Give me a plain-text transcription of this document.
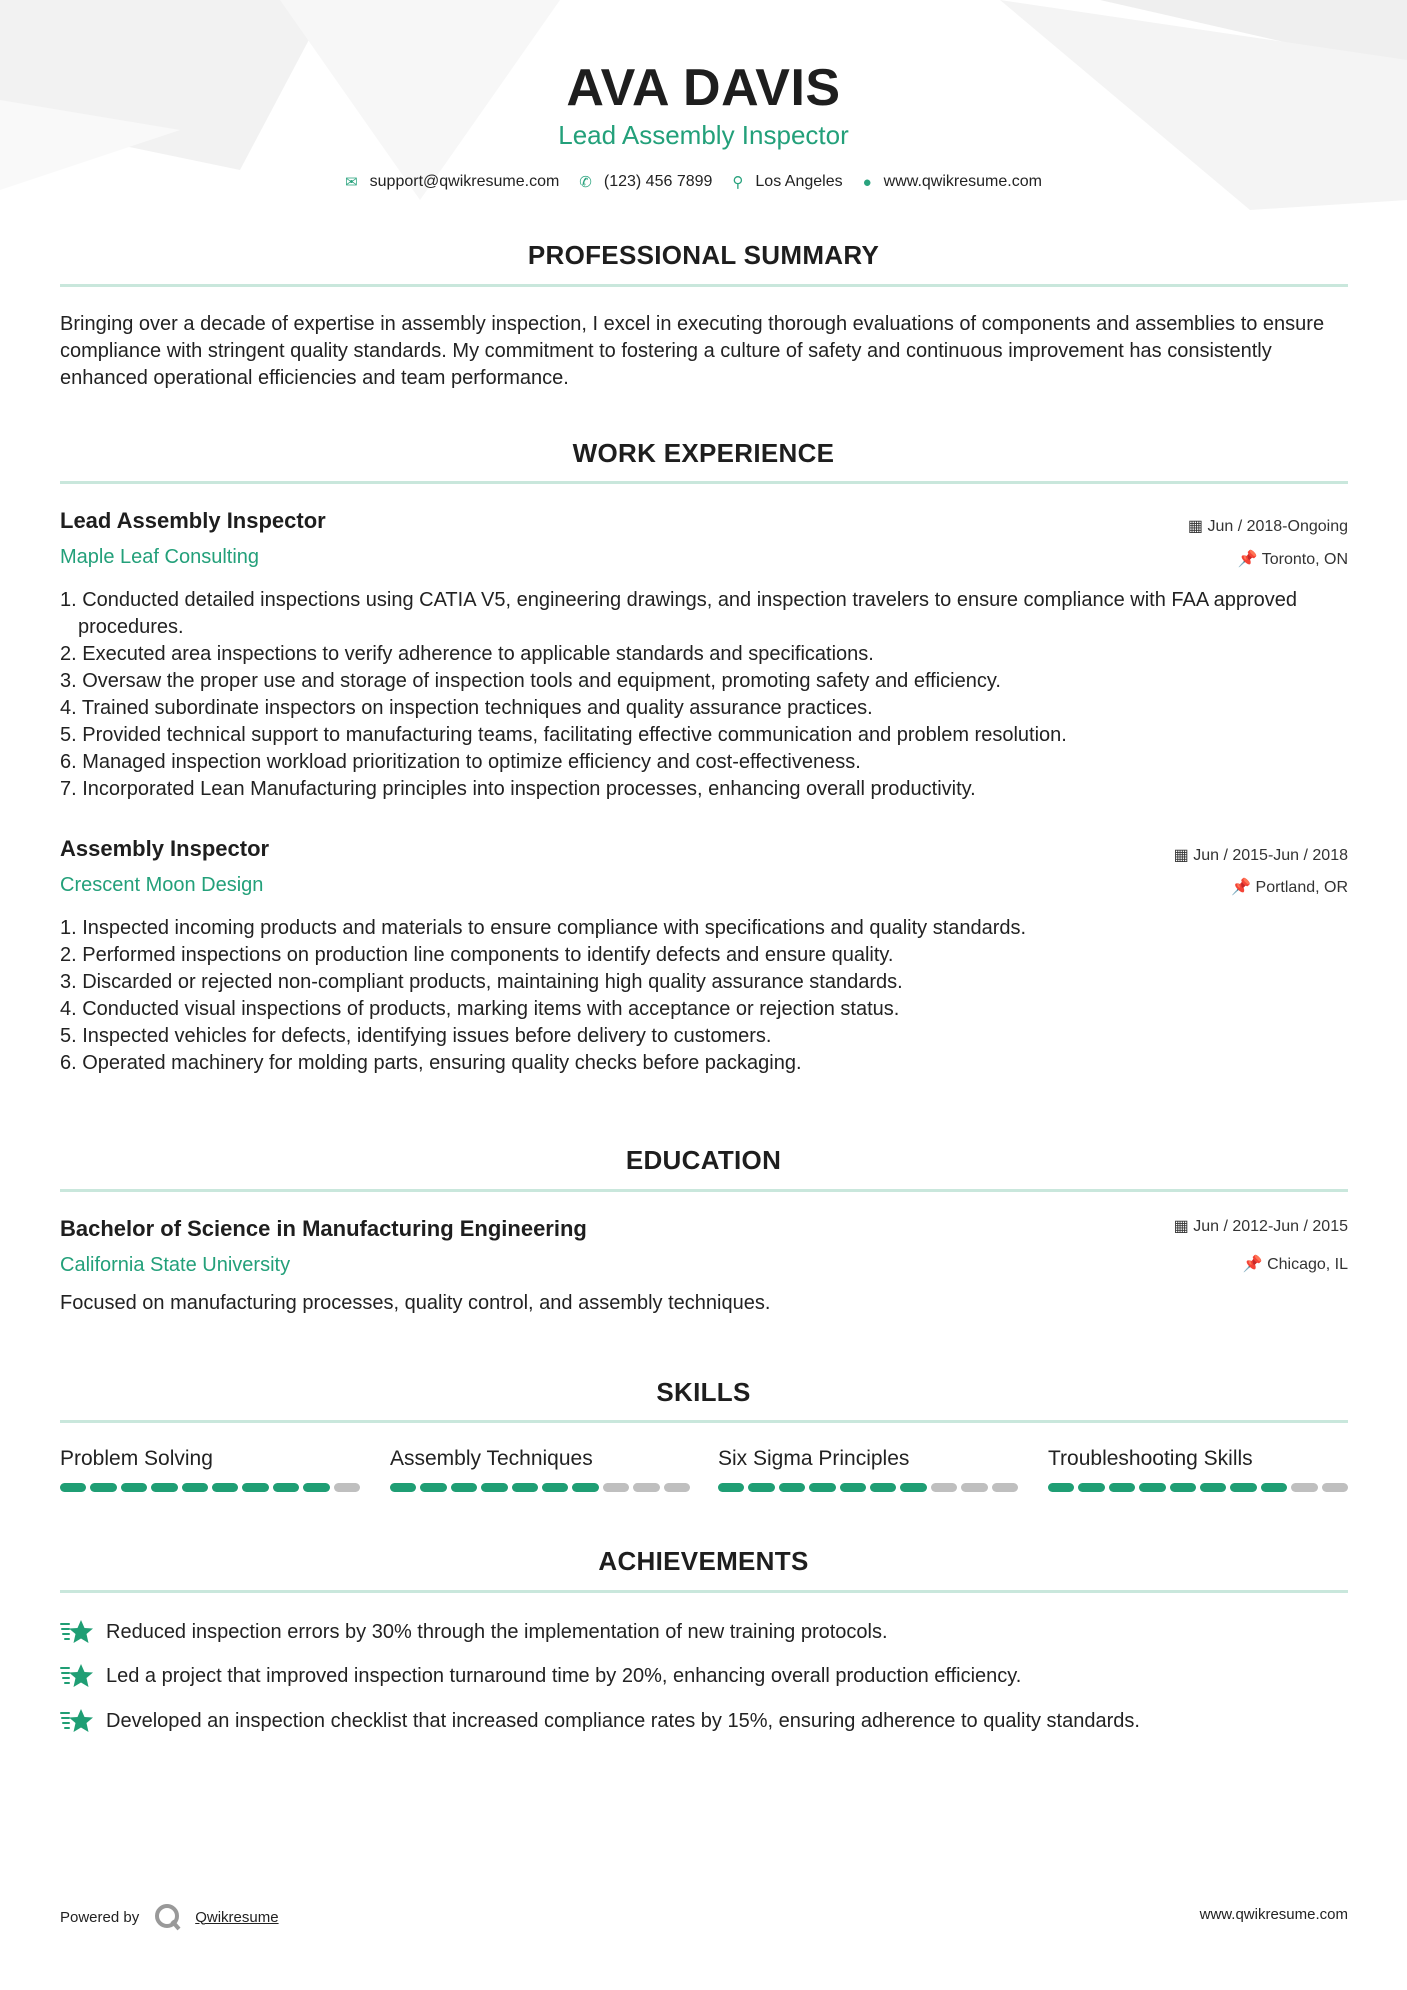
AVA DAVIS
Lead Assembly Inspector
✉ support@qwikresume.com ✆ (123) 456 7899 ⚲ Los Angeles ● www.qwikresume.com
PROFESSIONAL SUMMARY
Bringing over a decade of expertise in assembly inspection, I excel in executing thorough evaluations of components and assemblies to ensure compliance with stringent quality standards. My commitment to fostering a culture of safety and continuous improvement has consistently enhanced operational efficiencies and team performance.
WORK EXPERIENCE
Lead Assembly Inspector	▦ Jun / 2018-Ongoing
Maple Leaf Consulting	📌 Toronto, ON
1. Conducted detailed inspections using CATIA V5, engineering drawings, and inspection travelers to ensure compliance with FAA approved procedures.
2. Executed area inspections to verify adherence to applicable standards and specifications.
3. Oversaw the proper use and storage of inspection tools and equipment, promoting safety and efficiency.
4. Trained subordinate inspectors on inspection techniques and quality assurance practices.
5. Provided technical support to manufacturing teams, facilitating effective communication and problem resolution.
6. Managed inspection workload prioritization to optimize efficiency and cost-effectiveness.
7. Incorporated Lean Manufacturing principles into inspection processes, enhancing overall productivity.
Assembly Inspector	▦ Jun / 2015-Jun / 2018
Crescent Moon Design	📌 Portland, OR
1. Inspected incoming products and materials to ensure compliance with specifications and quality standards.
2. Performed inspections on production line components to identify defects and ensure quality.
3. Discarded or rejected non-compliant products, maintaining high quality assurance standards.
4. Conducted visual inspections of products, marking items with acceptance or rejection status.
5. Inspected vehicles for defects, identifying issues before delivery to customers.
6. Operated machinery for molding parts, ensuring quality checks before packaging.
EDUCATION
Bachelor of Science in Manufacturing Engineering	▦ Jun / 2012-Jun / 2015
California State University	📌 Chicago, IL
Focused on manufacturing processes, quality control, and assembly techniques.
SKILLS
Problem Solving	Assembly Techniques	Six Sigma Principles	Troubleshooting Skills
ACHIEVEMENTS
Reduced inspection errors by 30% through the implementation of new training protocols.
Led a project that improved inspection turnaround time by 20%, enhancing overall production efficiency.
Developed an inspection checklist that increased compliance rates by 15%, ensuring adherence to quality standards.
Powered by	Qwikresume	www.qwikresume.com
